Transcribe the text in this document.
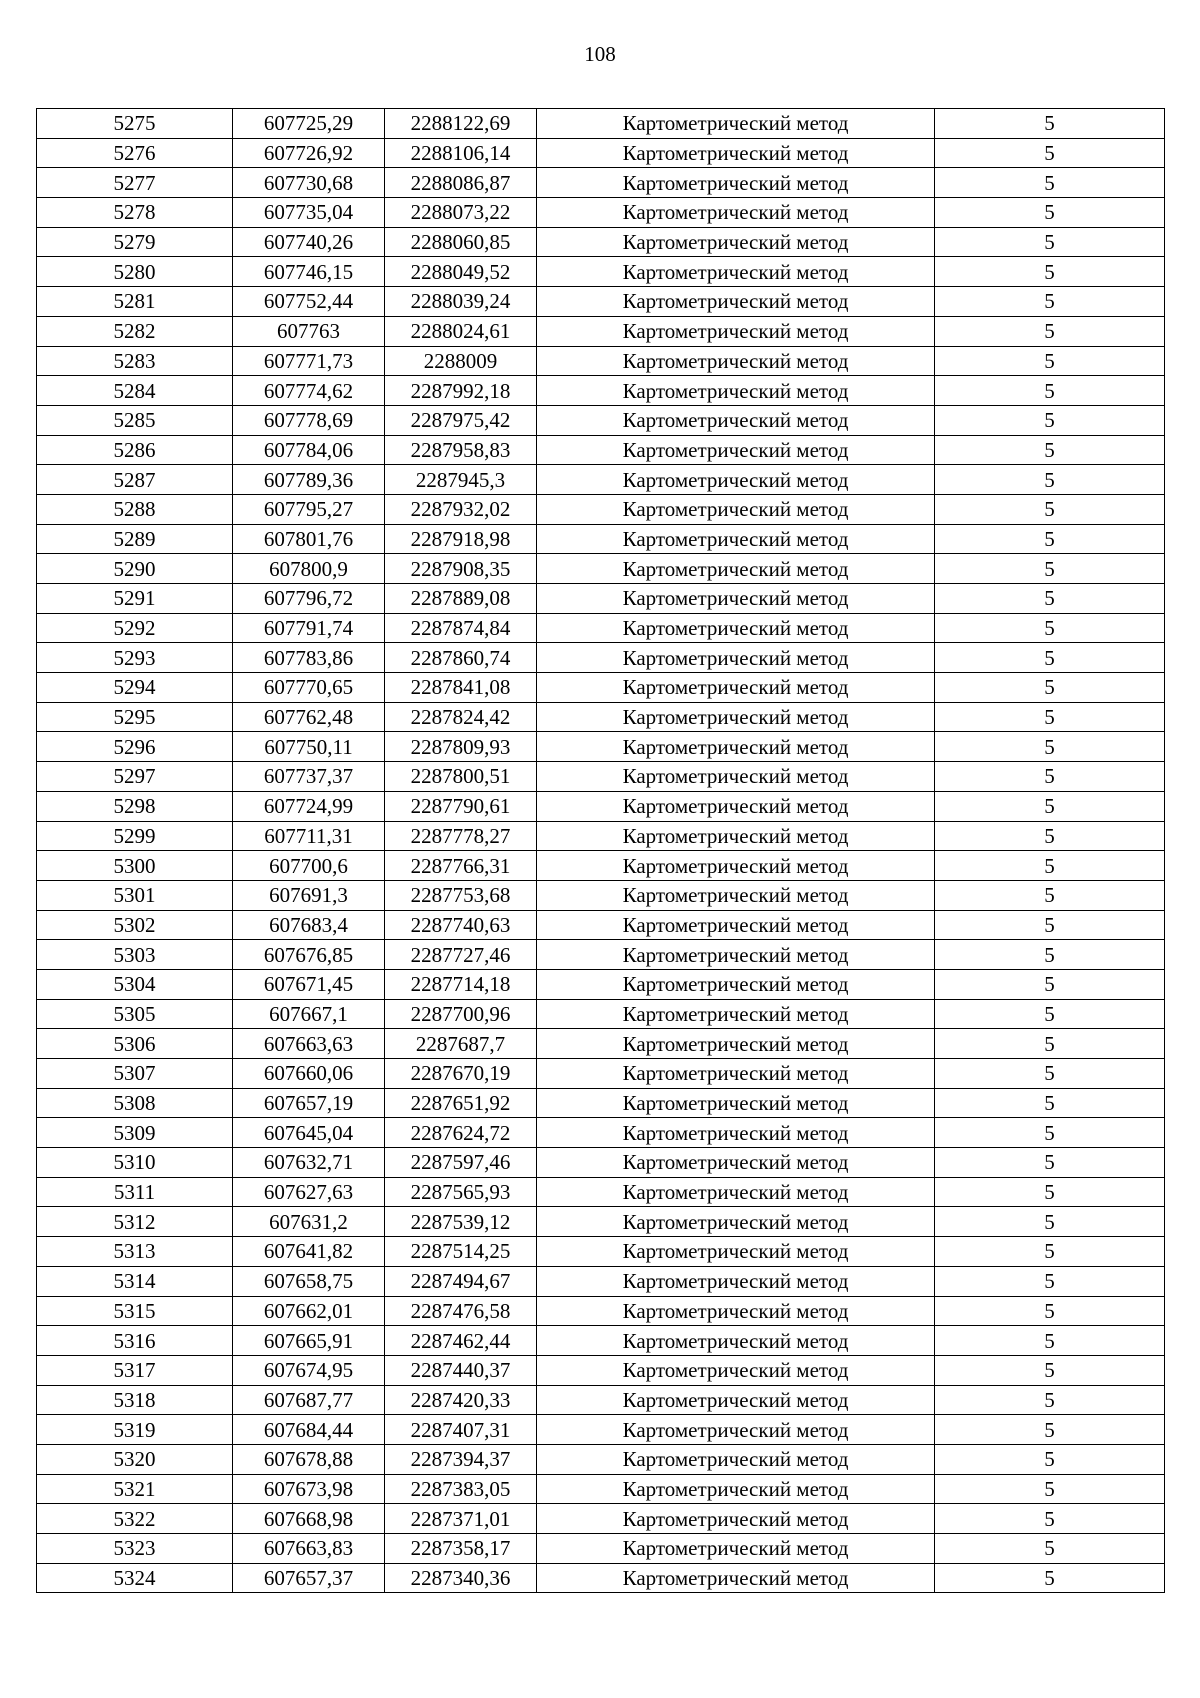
108
5275	607725,29	2288122,69	Картометрический метод	5
5276	607726,92	2288106,14	Картометрический метод	5
5277	607730,68	2288086,87	Картометрический метод	5
5278	607735,04	2288073,22	Картометрический метод	5
5279	607740,26	2288060,85	Картометрический метод	5
5280	607746,15	2288049,52	Картометрический метод	5
5281	607752,44	2288039,24	Картометрический метод	5
5282	607763	2288024,61	Картометрический метод	5
5283	607771,73	2288009	Картометрический метод	5
5284	607774,62	2287992,18	Картометрический метод	5
5285	607778,69	2287975,42	Картометрический метод	5
5286	607784,06	2287958,83	Картометрический метод	5
5287	607789,36	2287945,3	Картометрический метод	5
5288	607795,27	2287932,02	Картометрический метод	5
5289	607801,76	2287918,98	Картометрический метод	5
5290	607800,9	2287908,35	Картометрический метод	5
5291	607796,72	2287889,08	Картометрический метод	5
5292	607791,74	2287874,84	Картометрический метод	5
5293	607783,86	2287860,74	Картометрический метод	5
5294	607770,65	2287841,08	Картометрический метод	5
5295	607762,48	2287824,42	Картометрический метод	5
5296	607750,11	2287809,93	Картометрический метод	5
5297	607737,37	2287800,51	Картометрический метод	5
5298	607724,99	2287790,61	Картометрический метод	5
5299	607711,31	2287778,27	Картометрический метод	5
5300	607700,6	2287766,31	Картометрический метод	5
5301	607691,3	2287753,68	Картометрический метод	5
5302	607683,4	2287740,63	Картометрический метод	5
5303	607676,85	2287727,46	Картометрический метод	5
5304	607671,45	2287714,18	Картометрический метод	5
5305	607667,1	2287700,96	Картометрический метод	5
5306	607663,63	2287687,7	Картометрический метод	5
5307	607660,06	2287670,19	Картометрический метод	5
5308	607657,19	2287651,92	Картометрический метод	5
5309	607645,04	2287624,72	Картометрический метод	5
5310	607632,71	2287597,46	Картометрический метод	5
5311	607627,63	2287565,93	Картометрический метод	5
5312	607631,2	2287539,12	Картометрический метод	5
5313	607641,82	2287514,25	Картометрический метод	5
5314	607658,75	2287494,67	Картометрический метод	5
5315	607662,01	2287476,58	Картометрический метод	5
5316	607665,91	2287462,44	Картометрический метод	5
5317	607674,95	2287440,37	Картометрический метод	5
5318	607687,77	2287420,33	Картометрический метод	5
5319	607684,44	2287407,31	Картометрический метод	5
5320	607678,88	2287394,37	Картометрический метод	5
5321	607673,98	2287383,05	Картометрический метод	5
5322	607668,98	2287371,01	Картометрический метод	5
5323	607663,83	2287358,17	Картометрический метод	5
5324	607657,37	2287340,36	Картометрический метод	5
